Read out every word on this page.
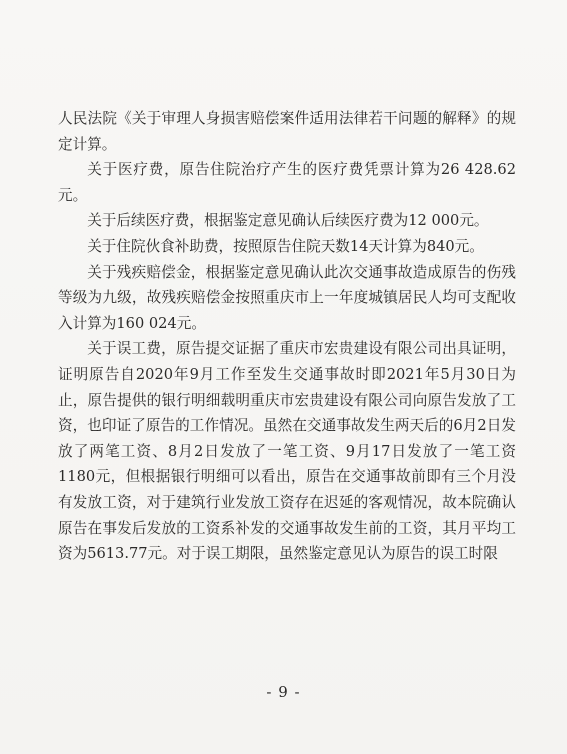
人民法院《关于审理人身损害赔偿案件适用法律若干问题的解释》的规定计算。

关于医疗费，原告住院治疗产生的医疗费凭票计算为26 428.62元。

关于后续医疗费，根据鉴定意见确认后续医疗费为12 000元。

关于住院伙食补助费，按照原告住院天数14天计算为840元。

关于残疾赔偿金，根据鉴定意见确认此次交通事故造成原告的伤残等级为九级，故残疾赔偿金按照重庆市上一年度城镇居民人均可支配收入计算为160 024元。

关于误工费，原告提交证据了重庆市宏贵建设有限公司出具证明，证明原告自2020年9月工作至发生交通事故时即2021年5月30日为止，原告提供的银行明细载明重庆市宏贵建设有限公司向原告发放了工资，也印证了原告的工作情况。虽然在交通事故发生两天后的6月2日发放了两笔工资、8月2日发放了一笔工资、9月17日发放了一笔工资1180元，但根据银行明细可以看出，原告在交通事故前即有三个月没有发放工资，对于建筑行业发放工资存在迟延的客观情况，故本院确认原告在事发后发放的工资系补发的交通事故发生前的工资，其月平均工资为5613.77元。对于误工期限，虽然鉴定意见认为原告的误工时限

- 9 -
